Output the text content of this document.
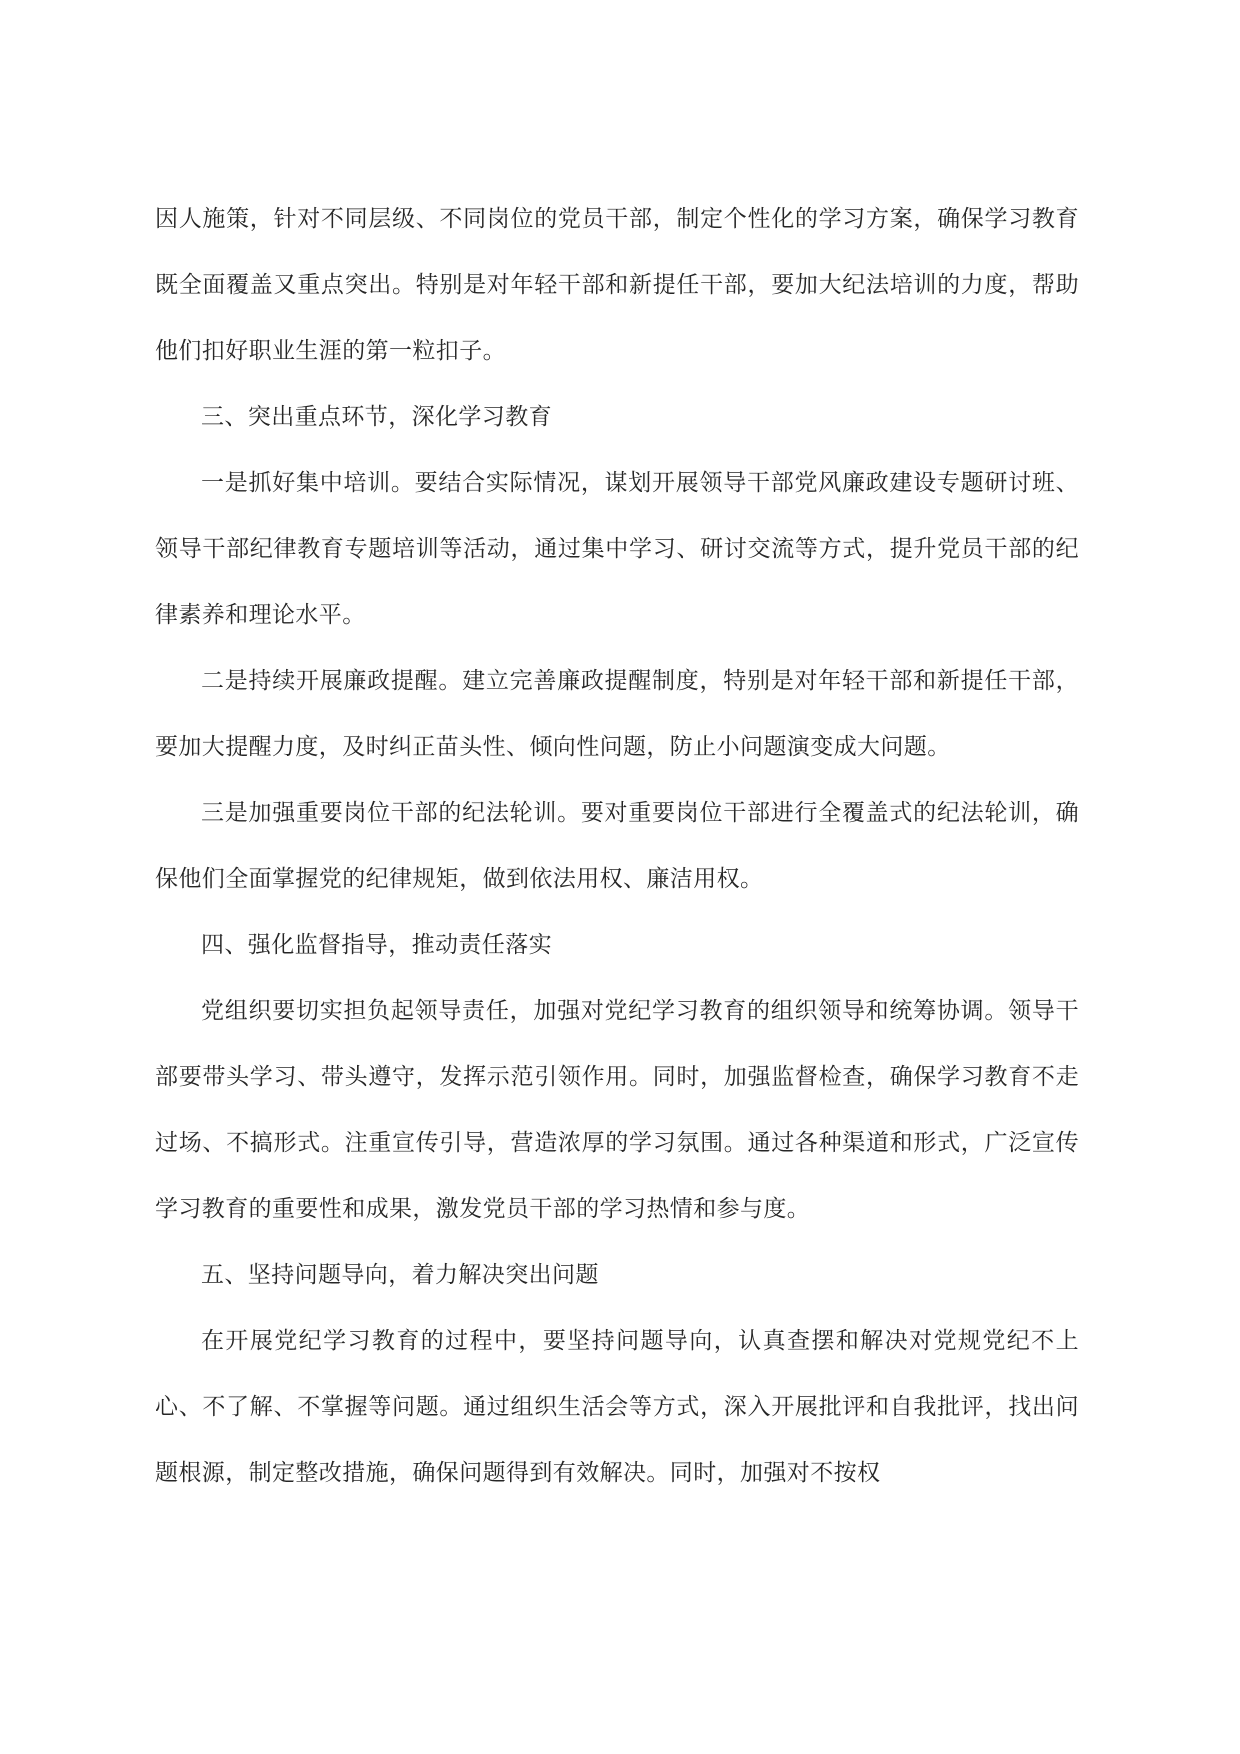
因人施策，针对不同层级、不同岗位的党员干部，制定个性化的学习方案，确保学习教育既全面覆盖又重点突出。特别是对年轻干部和新提任干部，要加大纪法培训的力度，帮助他们扣好职业生涯的第一粒扣子。

三、突出重点环节，深化学习教育

一是抓好集中培训。要结合实际情况，谋划开展领导干部党风廉政建设专题研讨班、领导干部纪律教育专题培训等活动，通过集中学习、研讨交流等方式，提升党员干部的纪律素养和理论水平。

二是持续开展廉政提醒。建立完善廉政提醒制度，特别是对年轻干部和新提任干部，要加大提醒力度，及时纠正苗头性、倾向性问题，防止小问题演变成大问题。

三是加强重要岗位干部的纪法轮训。要对重要岗位干部进行全覆盖式的纪法轮训，确保他们全面掌握党的纪律规矩，做到依法用权、廉洁用权。

四、强化监督指导，推动责任落实

党组织要切实担负起领导责任，加强对党纪学习教育的组织领导和统筹协调。领导干部要带头学习、带头遵守，发挥示范引领作用。同时，加强监督检查，确保学习教育不走过场、不搞形式。注重宣传引导，营造浓厚的学习氛围。通过各种渠道和形式，广泛宣传学习教育的重要性和成果，激发党员干部的学习热情和参与度。

五、坚持问题导向，着力解决突出问题

在开展党纪学习教育的过程中，要坚持问题导向，认真查摆和解决对党规党纪不上心、不了解、不掌握等问题。通过组织生活会等方式，深入开展批评和自我批评，找出问题根源，制定整改措施，确保问题得到有效解决。同时，加强对不按权
